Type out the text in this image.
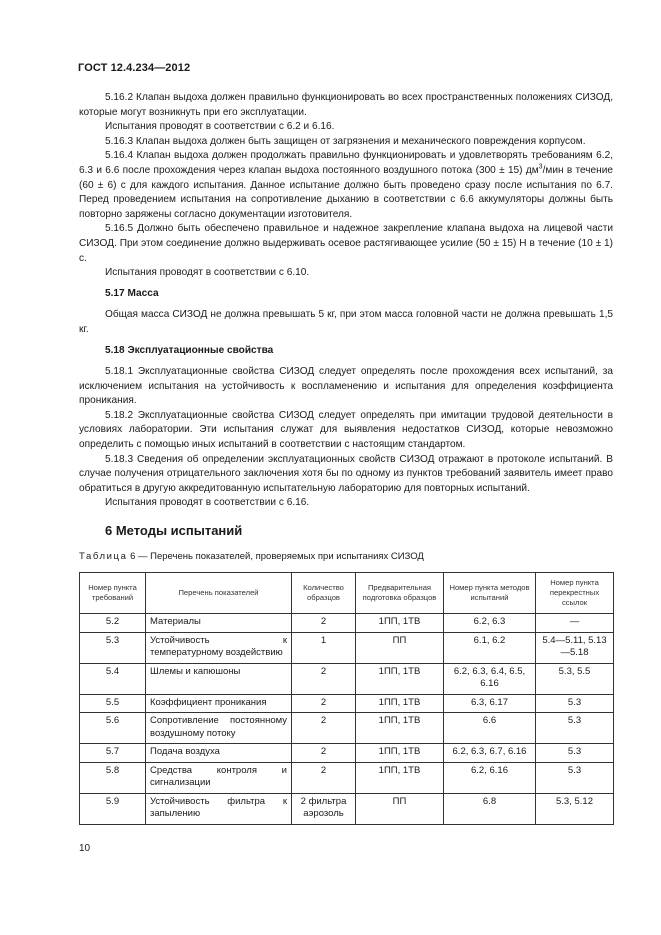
ГОСТ 12.4.234—2012

5.16.2 Клапан выдоха должен правильно функционировать во всех пространственных положениях СИЗОД, которые могут возникнуть при его эксплуатации.

Испытания проводят в соответствии с 6.2 и 6.16.

5.16.3 Клапан выдоха должен быть защищен от загрязнения и механического повреждения корпусом.

5.16.4 Клапан выдоха должен продолжать правильно функционировать и удовлетворять требованиям 6.2, 6.3 и 6.6 после прохождения через клапан выдоха постоянного воздушного потока (300 ± 15) $дм^3$/мин в течение (60 ± 6) с для каждого испытания. Данное испытание должно быть проведено сразу после испытания по 6.7. Перед проведением испытания на сопротивление дыханию в соответствии с 6.6 аккумуляторы должны быть повторно заряжены согласно документации изготовителя.

5.16.5 Должно быть обеспечено правильное и надежное закрепление клапана выдоха на лицевой части СИЗОД. При этом соединение должно выдерживать осевое растягивающее усилие (50 ± 15) Н в течение (10 ± 1) с.

Испытания проводят в соответствии с 6.10.

5.17 Масса

Общая масса СИЗОД не должна превышать 5 кг, при этом масса головной части не должна превышать 1,5 кг.

5.18 Эксплуатационные свойства

5.18.1 Эксплуатационные свойства СИЗОД следует определять после прохождения всех испытаний, за исключением испытания на устойчивость к воспламенению и испытания для определения коэффициента проникания.

5.18.2 Эксплуатационные свойства СИЗОД следует определять при имитации трудовой деятельности в условиях лаборатории. Эти испытания служат для выявления недостатков СИЗОД, которые невозможно определить с помощью иных испытаний в соответствии с настоящим стандартом.

5.18.3 Сведения об определении эксплуатационных свойств СИЗОД отражают в протоколе испытаний. В случае получения отрицательного заключения хотя бы по одному из пунктов требований заявитель имеет право обратиться в другую аккредитованную испытательную лабораторию для повторных испытаний.

Испытания проводят в соответствии с 6.16.

6 Методы испытаний

Таблица 6 — Перечень показателей, проверяемых при испытаниях СИЗОД

Номер пункта требований	Перечень показателей	Количество образцов	Предварительная подготовка образцов	Номер пункта методов испытаний	Номер пункта перекрестных ссылок
5.2	Материалы	2	1ПП, 1ТВ	6.2, 6.3	—
5.3	Устойчивость к температурному воздействию	1	ПП	6.1, 6.2	5.4—5.11, 5.13—5.18
5.4	Шлемы и капюшоны	2	1ПП, 1ТВ	6.2, 6.3, 6.4, 6.5, 6.16	5.3, 5.5
5.5	Коэффициент проникания	2	1ПП, 1ТВ	6.3, 6.17	5.3
5.6	Сопротивление постоянному воздушному потоку	2	1ПП, 1ТВ	6.6	5.3
5.7	Подача воздуха	2	1ПП, 1ТВ	6.2, 6.3, 6.7, 6.16	5.3
5.8	Средства контроля и сигнализации	2	1ПП, 1ТВ	6.2, 6.16	5.3
5.9	Устойчивость фильтра к запылению	2 фильтра аэрозоль	ПП	6.8	5.3, 5.12
10
